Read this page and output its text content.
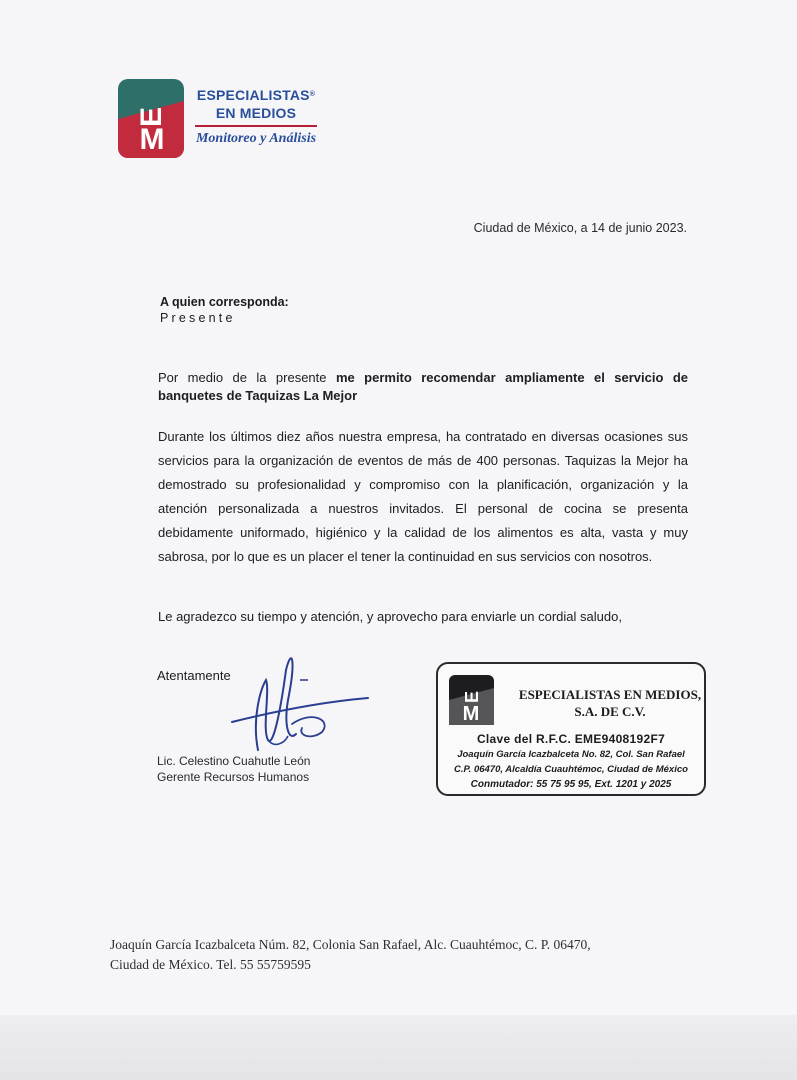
E
M
ESPECIALISTAS®
EN MEDIOS
Monitoreo y Análisis
Ciudad de México, a 14 de junio 2023.
A quien corresponda:
Presente
Por medio de la presente me permito recomendar ampliamente el servicio de banquetes de Taquizas La Mejor
Durante los últimos diez años nuestra empresa, ha contratado en diversas ocasiones sus servicios para la organización de eventos de más de 400 personas. Taquizas la Mejor ha demostrado su profesionalidad y compromiso con la planificación, organización y la atención personalizada a nuestros invitados. El personal de cocina se presenta debidamente uniformado, higiénico y la calidad de los alimentos es alta, vasta y muy sabrosa, por lo que es un placer el tener la continuidad en sus servicios con nosotros.
Le agradezco su tiempo y atención, y aprovecho para enviarle un cordial saludo,
Atentamente
Lic. Celestino Cuahutle León
Gerente Recursos Humanos
M
E	ESPECIALISTAS EN MEDIOS,
S.A. DE C.V.
Clave del R.F.C. EME9408192F7
Joaquín García Icazbalceta No. 82, Col. San Rafael
C.P. 06470, Alcaldía Cuauhtémoc, Ciudad de México
Conmutador: 55 75 95 95, Ext. 1201 y 2025
Joaquín García Icazbalceta Núm. 82, Colonia San Rafael, Alc. Cuauhtémoc, C. P. 06470,
Ciudad de México. Tel. 55 55759595
